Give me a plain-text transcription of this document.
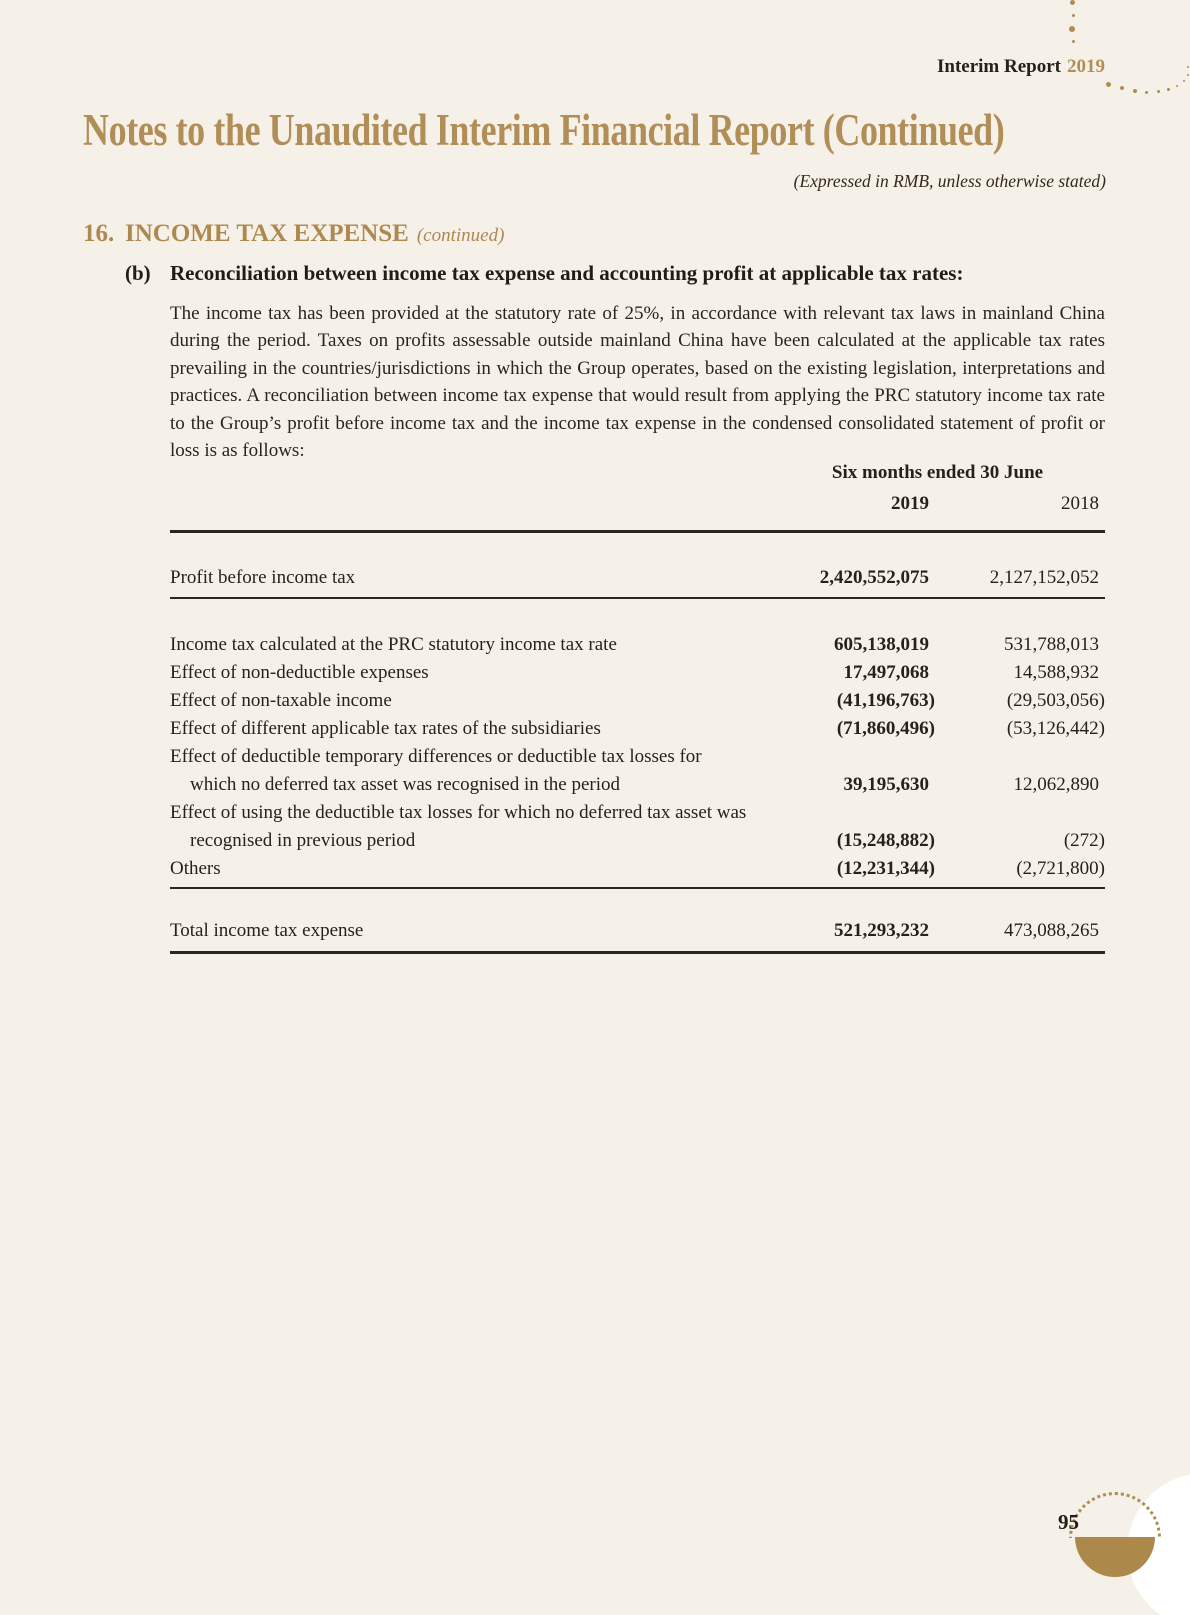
Interim Report 2019
Notes to the Unaudited Interim Financial Report (Continued)
(Expressed in RMB, unless otherwise stated)
16. INCOME TAX EXPENSE (continued)
(b) Reconciliation between income tax expense and accounting profit at applicable tax rates:

The income tax has been provided at the statutory rate of 25%, in accordance with relevant tax laws in mainland China during the period. Taxes on profits assessable outside mainland China have been calculated at the applicable tax rates prevailing in the countries/jurisdictions in which the Group operates, based on the existing legislation, interpretations and practices. A reconciliation between income tax expense that would result from applying the PRC statutory income tax rate to the Group’s profit before income tax and the income tax expense in the condensed consolidated statement of profit or loss is as follows:

Six months ended 30 June
2019	2018
Profit before income tax	2,420,552,075	2,127,152,052
Income tax calculated at the PRC statutory income tax rate	605,138,019	531,788,013
Effect of non-deductible expenses	17,497,068	14,588,932
Effect of non-taxable income	(41,196,763)	(29,503,056)
Effect of different applicable tax rates of the subsidiaries	(71,860,496)	(53,126,442)
Effect of deductible temporary differences or deductible tax losses for
which no deferred tax asset was recognised in the period	39,195,630	12,062,890
Effect of using the deductible tax losses for which no deferred tax asset was
recognised in previous period	(15,248,882)	(272)
Others	(12,231,344)	(2,721,800)
Total income tax expense	521,293,232	473,088,265
95
